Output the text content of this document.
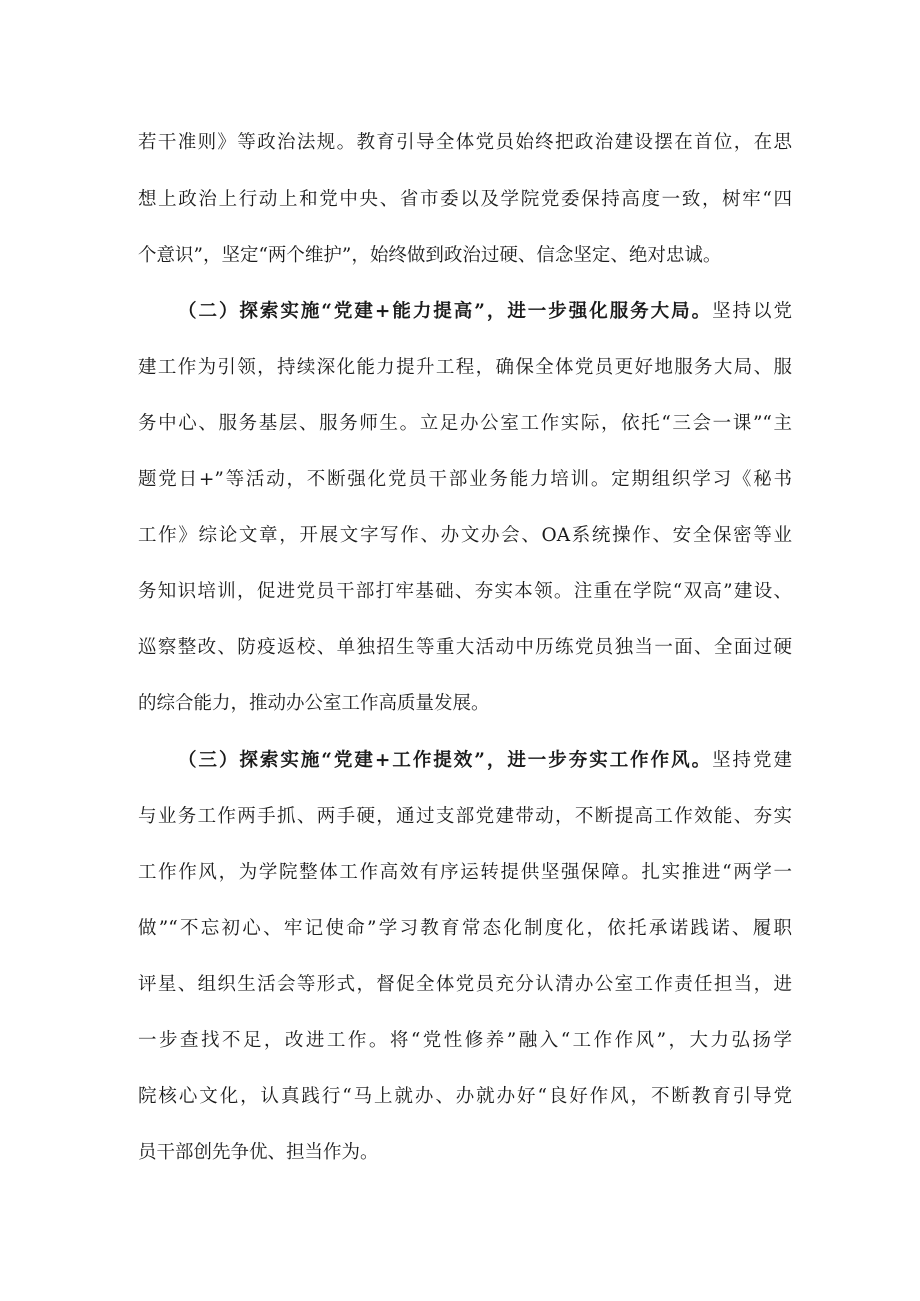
若干准则》等政治法规。教育引导全体党员始终把政治建设摆在首位，在思
想上政治上行动上和党中央、省市委以及学院党委保持高度一致，树牢“四
个意识”，坚定“两个维护”，始终做到政治过硬、信念坚定、绝对忠诚。
（二）探索实施“党建+能力提高”，进一步强化服务大局。坚持以党
建工作为引领，持续深化能力提升工程，确保全体党员更好地服务大局、服
务中心、服务基层、服务师生。立足办公室工作实际，依托“三会一课”“主
题党日+”等活动，不断强化党员干部业务能力培训。定期组织学习《秘书
工作》综论文章，开展文字写作、办文办会、OA系统操作、安全保密等业
务知识培训，促进党员干部打牢基础、夯实本领。注重在学院“双高”建设、
巡察整改、防疫返校、单独招生等重大活动中历练党员独当一面、全面过硬
的综合能力，推动办公室工作高质量发展。
（三）探索实施“党建+工作提效”，进一步夯实工作作风。坚持党建
与业务工作两手抓、两手硬，通过支部党建带动，不断提高工作效能、夯实
工作作风，为学院整体工作高效有序运转提供坚强保障。扎实推进“两学一
做”“不忘初心、牢记使命”学习教育常态化制度化，依托承诺践诺、履职
评星、组织生活会等形式，督促全体党员充分认清办公室工作责任担当，进
一步查找不足，改进工作。将“党性修养”融入“工作作风”，大力弘扬学
院核心文化，认真践行“马上就办、办就办好“良好作风，不断教育引导党
员干部创先争优、担当作为。
